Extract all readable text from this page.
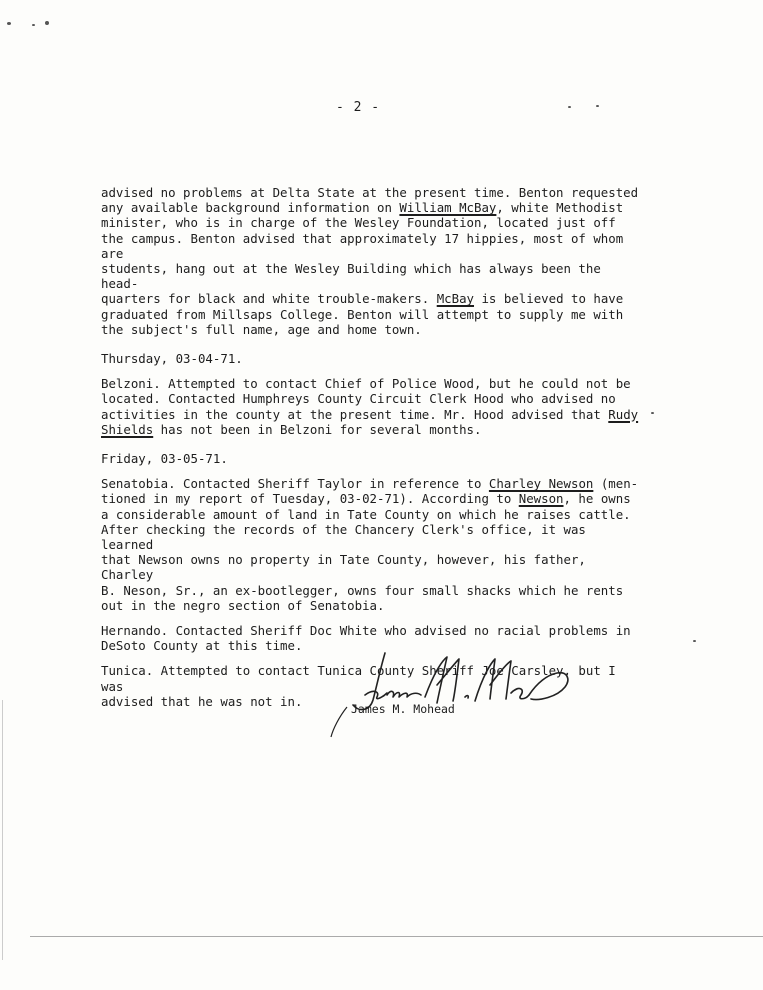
- 2 -

advised no problems at Delta State at the present time. Benton requested
any available background information on William McBay, white Methodist
minister, who is in charge of the Wesley Foundation, located just off
the campus. Benton advised that approximately 17 hippies, most of whom are
students, hang out at the Wesley Building which has always been the head-
quarters for black and white trouble-makers. McBay is believed to have
graduated from Millsaps College. Benton will attempt to supply me with
the subject's full name, age and home town.

Thursday, 03-04-71.

Belzoni. Attempted to contact Chief of Police Wood, but he could not be
located. Contacted Humphreys County Circuit Clerk Hood who advised no
activities in the county at the present time. Mr. Hood advised that Rudy
Shields has not been in Belzoni for several months.

Friday, 03-05-71.

Senatobia. Contacted Sheriff Taylor in reference to Charley Newson (men-
tioned in my report of Tuesday, 03-02-71). According to Newson, he owns
a considerable amount of land in Tate County on which he raises cattle.
After checking the records of the Chancery Clerk's office, it was learned
that Newson owns no property in Tate County, however, his father, Charley
B. Neson, Sr., an ex-bootlegger, owns four small shacks which he rents
out in the negro section of Senatobia.

Hernando. Contacted Sheriff Doc White who advised no racial problems in
DeSoto County at this time.

Tunica. Attempted to contact Tunica County Sheriff Joe Carsley, but I was
advised that he was not in.

James M. Mohead
